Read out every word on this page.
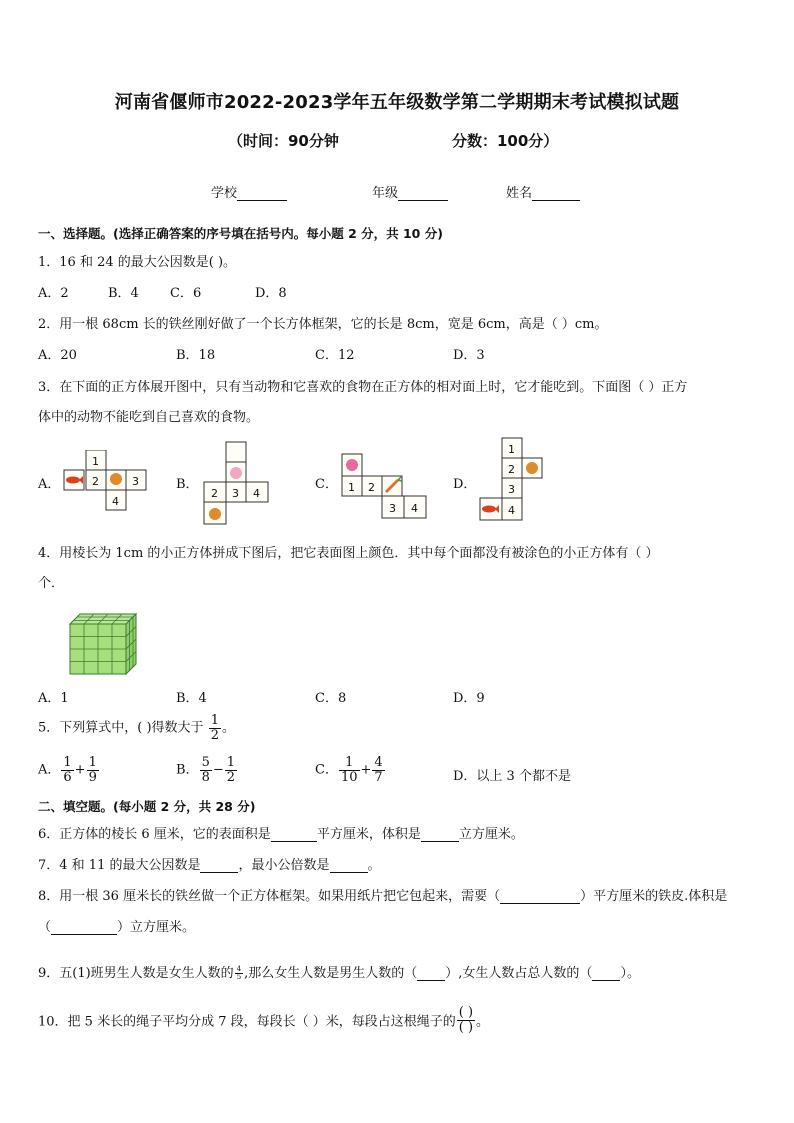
河南省偃师市2022-2023学年五年级数学第二学期期末考试模拟试题
（时间：90分钟	分数：100分）
学校	年级	姓名
一、选择题。(选择正确答案的序号填在括号内。每小题 2 分，共 10 分)
1．16 和 24 的最大公因数是( )。
A．2	B．4 C．6	D．8
2．用一根 68cm 长的铁丝刚好做了一个长方体框架，它的长是 8cm，宽是 6cm，高是（ ）cm。
A．20	B．18	C．12	D．3
3．在下面的正方体展开图中，只有当动物和它喜欢的食物在正方体的相对面上时，它才能吃到。下面图（ ）正方
体中的动物不能吃到自己喜欢的食物。
A．
1
2	3
4
B．
2 3 4
C． 1 2
3 4
D．
1
2
3
4
4．用棱长为 1cm 的小正方体拼成下图后，把它表面图上颜色．其中每个面都没有被涂色的小正方体有（ ）
个．
A．1	B．4	C．8	D．9
5．下列算式中，( )得数大于 $\frac{1}{2}$ 。
A． $\frac{1}{6} + \frac{1}{9}$	B． $\frac{5}{8} - \frac{1}{2}$	C． $\frac{1}{10} + \frac{4}{7}$	D．以上 3 个都不是
二、填空题。(每小题 2 分，共 28 分)
6．正方体的棱长 6 厘米，它的表面积是	平方厘米，体积是	立方厘米。
7．4 和 11 的最大公因数是	，最小公倍数是	。
8．用一根 36 厘米长的铁丝做一个正方体框架。如果用纸片把它包起来，需要（	）平方厘米的铁皮.体积是
（	）立方厘米。
9．五(1)班男生人数是女生人数的 $\frac{4}{5}$ ,那么女生人数是男生人数的（ ）,女生人数占总人数的（ ）。
10．把 5 米长的绳子平均分成 7 段，每段长（ ）米，每段占这根绳子的 $\frac{( )}{( )}$ 。
